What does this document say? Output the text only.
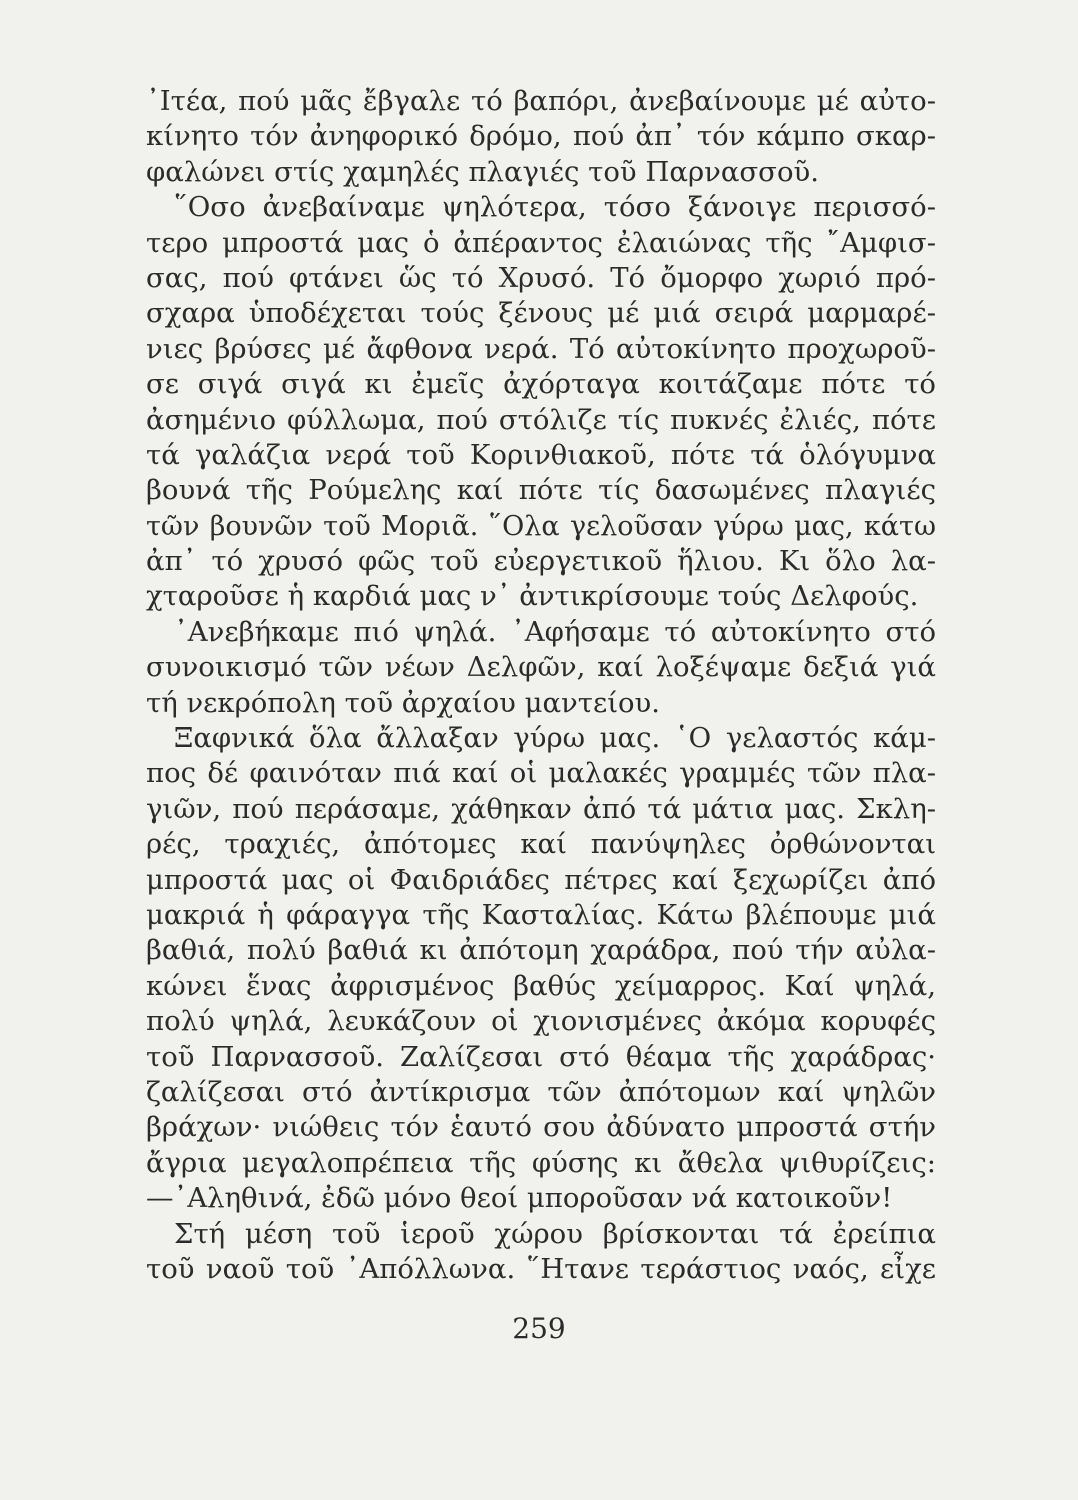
᾿Ιτέα, πού μᾶς ἔβγαλε τό βαπόρι, ἀνεβαίνουμε μέ αὐτο-
κίνητο τόν ἀνηφορικό δρόμο, πού ἀπ᾿ τόν κάμπο σκαρ-
φαλώνει στίς χαμηλές πλαγιές τοῦ Παρνασσοῦ.
῞Οσο ἀνεβαίναμε ψηλότερα, τόσο ξάνοιγε περισσό-
τερο μπροστά μας ὁ ἀπέραντος ἐλαιώνας τῆς ῎Αμφισ-
σας, πού φτάνει ὥς τό Χρυσό. Τό ὄμορφο χωριό πρό-
σχαρα ὑποδέχεται τούς ξένους μέ μιά σειρά μαρμαρέ-
νιες βρύσες μέ ἄφθονα νερά. Τό αὐτοκίνητο προχωροῦ-
σε σιγά σιγά κι ἐμεῖς ἀχόρταγα κοιτάζαμε πότε τό
ἀσημένιο φύλλωμα, πού στόλιζε τίς πυκνές ἐλιές, πότε
τά γαλάζια νερά τοῦ Κορινθιακοῦ, πότε τά ὁλόγυμνα
βουνά τῆς Ρούμελης καί πότε τίς δασωμένες πλαγιές
τῶν βουνῶν τοῦ Μοριᾶ. ῞Ολα γελοῦσαν γύρω μας, κάτω
ἀπ᾿ τό χρυσό φῶς τοῦ εὐεργετικοῦ ἥλιου. Κι ὅλο λα-
χταροῦσε ἡ καρδιά μας ν᾿ ἀντικρίσουμε τούς Δελφούς.
᾿Ανεβήκαμε πιό ψηλά. ᾿Αφήσαμε τό αὐτοκίνητο στό
συνοικισμό τῶν νέων Δελφῶν, καί λοξέψαμε δεξιά γιά
τή νεκρόπολη τοῦ ἀρχαίου μαντείου.
Ξαφνικά ὅλα ἄλλαξαν γύρω μας. ῾Ο γελαστός κάμ-
πος δέ φαινόταν πιά καί οἱ μαλακές γραμμές τῶν πλα-
γιῶν, πού περάσαμε, χάθηκαν ἀπό τά μάτια μας. Σκλη-
ρές, τραχιές, ἀπότομες καί πανύψηλες ὀρθώνονται
μπροστά μας οἱ Φαιδριάδες πέτρες καί ξεχωρίζει ἀπό
μακριά ἡ φάραγγα τῆς Κασταλίας. Κάτω βλέπουμε μιά
βαθιά, πολύ βαθιά κι ἀπότομη χαράδρα, πού τήν αὐλα-
κώνει ἕνας ἀφρισμένος βαθύς χείμαρρος. Καί ψηλά,
πολύ ψηλά, λευκάζουν οἱ χιονισμένες ἀκόμα κορυφές
τοῦ Παρνασσοῦ. Ζαλίζεσαι στό θέαμα τῆς χαράδρας·
ζαλίζεσαι στό ἀντίκρισμα τῶν ἀπότομων καί ψηλῶν
βράχων· νιώθεις τόν ἑαυτό σου ἀδύνατο μπροστά στήν
ἄγρια μεγαλοπρέπεια τῆς φύσης κι ἄθελα ψιθυρίζεις:
—᾿Αληθινά, ἐδῶ μόνο θεοί μποροῦσαν νά κατοικοῦν!
Στή μέση τοῦ ἱεροῦ χώρου βρίσκονται τά ἐρείπια
τοῦ ναοῦ τοῦ ᾿Απόλλωνα. ῞Ητανε τεράστιος ναός, εἶχε
259
